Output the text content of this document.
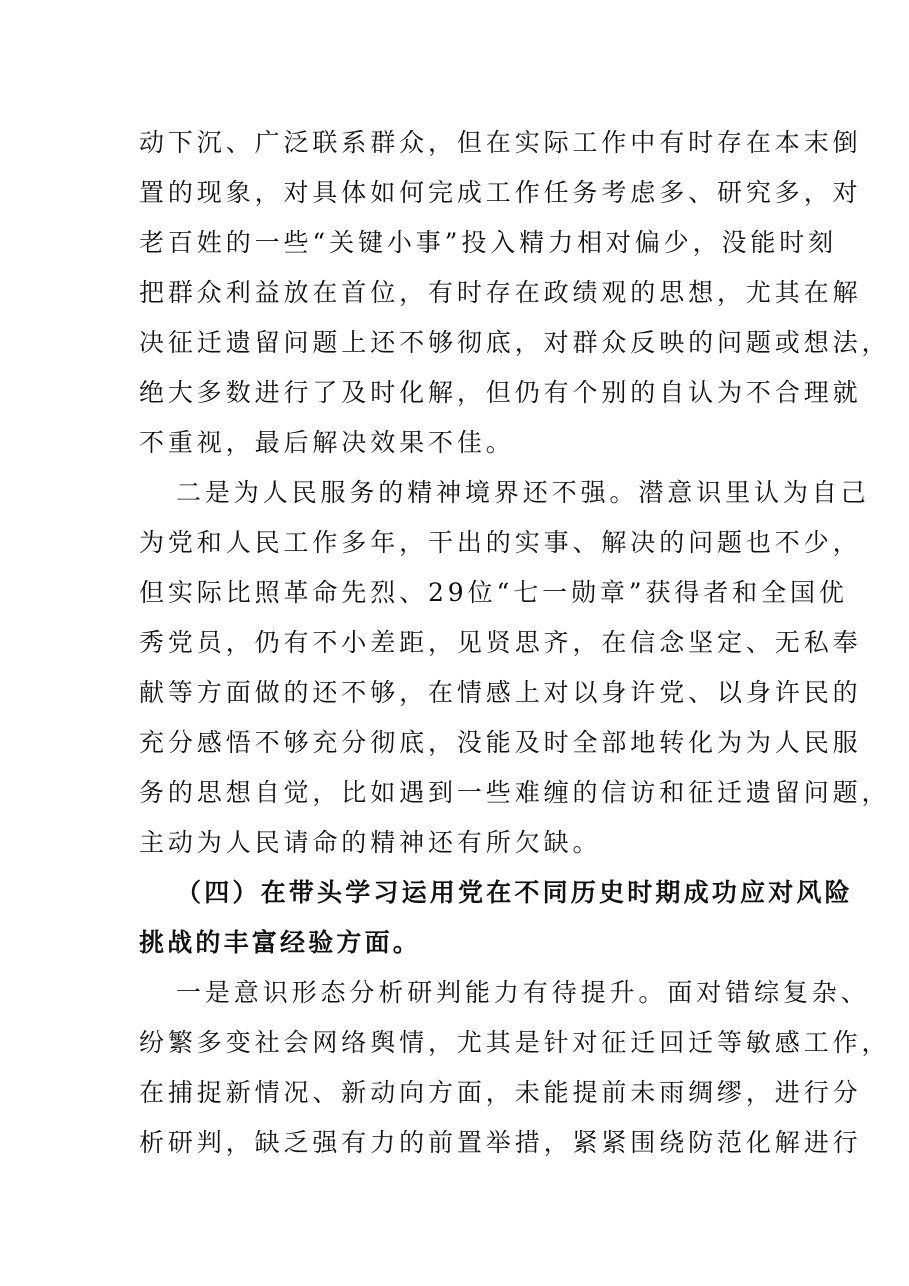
动下沉、广泛联系群众，但在实际工作中有时存在本末倒
置的现象，对具体如何完成工作任务考虑多、研究多，对
老百姓的一些“关键小事”投入精力相对偏少，没能时刻
把群众利益放在首位，有时存在政绩观的思想，尤其在解
决征迁遗留问题上还不够彻底，对群众反映的问题或想法，
绝大多数进行了及时化解，但仍有个别的自认为不合理就
不重视，最后解决效果不佳。
二是为人民服务的精神境界还不强。潜意识里认为自己
为党和人民工作多年，干出的实事、解决的问题也不少，
但实际比照革命先烈、29位“七一勋章”获得者和全国优
秀党员，仍有不小差距，见贤思齐，在信念坚定、无私奉
献等方面做的还不够，在情感上对以身许党、以身许民的
充分感悟不够充分彻底，没能及时全部地转化为为人民服
务的思想自觉，比如遇到一些难缠的信访和征迁遗留问题，
主动为人民请命的精神还有所欠缺。
（四）在带头学习运用党在不同历史时期成功应对风险
挑战的丰富经验方面。
一是意识形态分析研判能力有待提升。面对错综复杂、
纷繁多变社会网络舆情，尤其是针对征迁回迁等敏感工作，
在捕捉新情况、新动向方面，未能提前未雨绸缪，进行分
析研判，缺乏强有力的前置举措，紧紧围绕防范化解进行
